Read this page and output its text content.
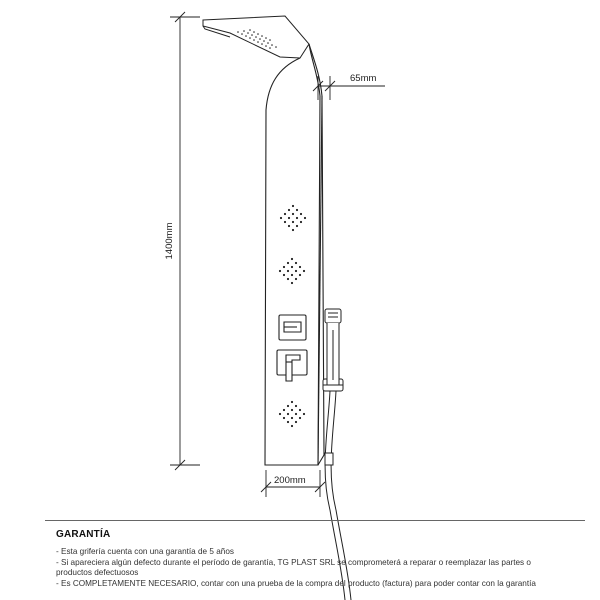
1400mm
65mm
200mm
GARANTÍA
- Esta grifería cuenta con una garantía de 5 años
- Si apareciera algún defecto durante el período de garantía, TG PLAST SRL se comprometerá a reparar o reemplazar las partes o productos defectuosos
- Es COMPLETAMENTE NECESARIO, contar con una prueba de la compra del producto (factura) para poder contar con la garantía
